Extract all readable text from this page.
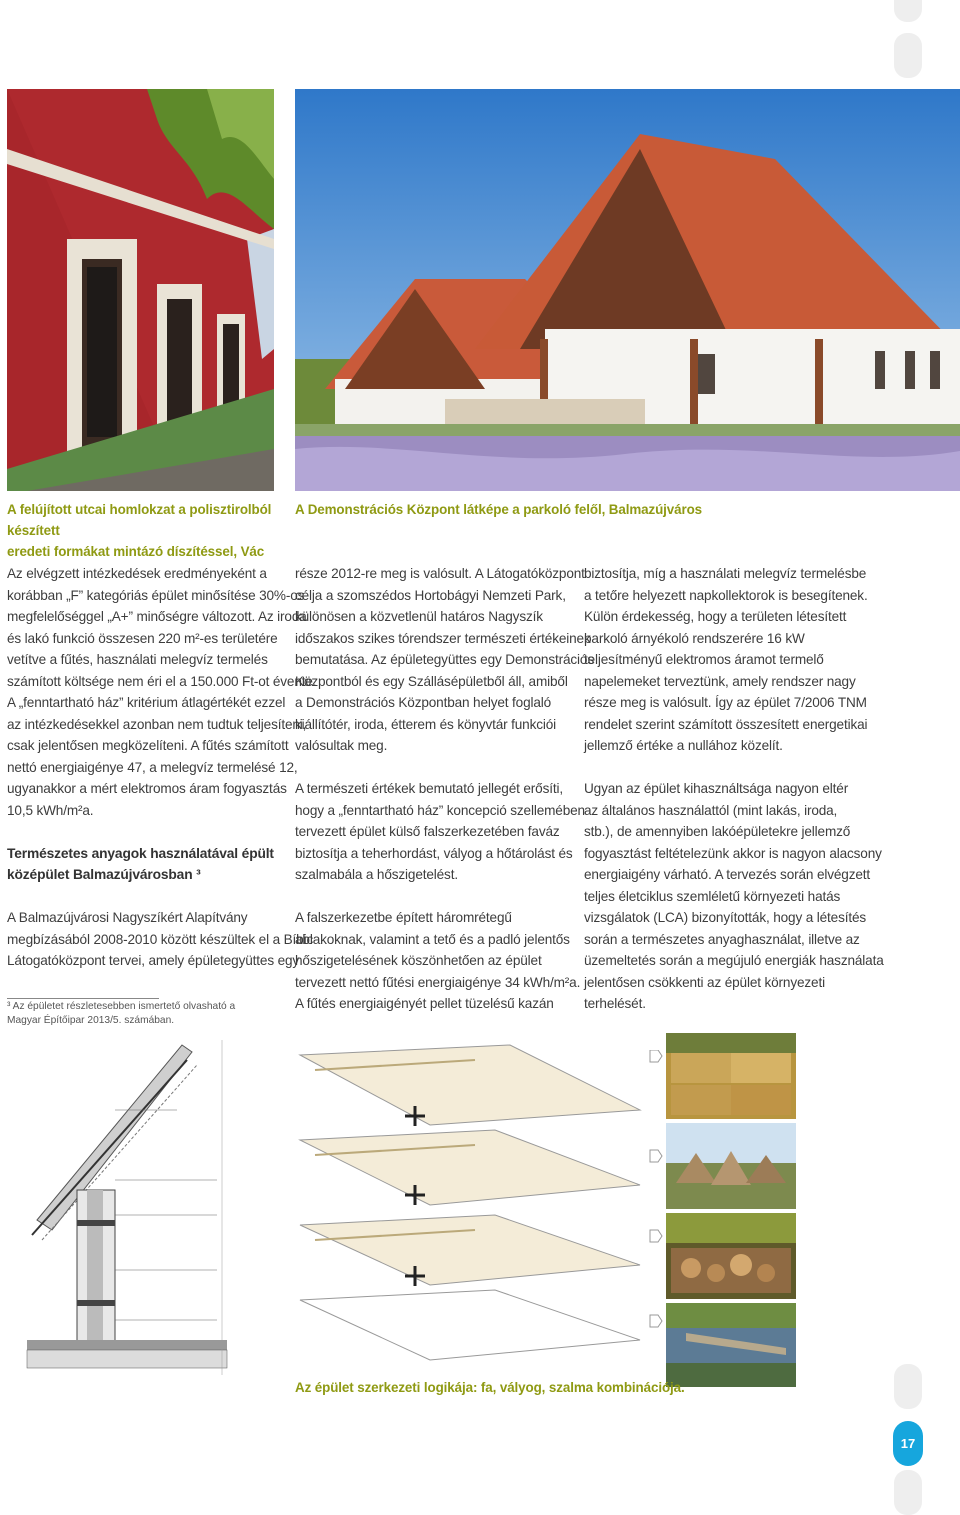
A felújított utcai homlokzat a polisztirolból készített
eredeti formákat mintázó díszítéssel, Vác
A Demonstrációs Központ látképe a parkoló felől, Balmazújváros

Az elvégzett intézkedések eredményeként a
korábban „F” kategóriás épület minősítése 30%-os
megfelelőséggel „A+” minőségre változott. Az iroda
és lakó funkció összesen 220 m²-es területére
vetítve a fűtés, használati melegvíz termelés
számított költsége nem éri el a 150.000 Ft-ot évente.
A „fenntartható ház” kritérium átlagértékét ezzel
az intézkedésekkel azonban nem tudtuk teljesíteni,
csak jelentősen megközelíteni. A fűtés számított
nettó energiaigénye 47, a melegvíz termelésé 12,
ugyanakkor a mért elektromos áram fogyasztás
10,5 kWh/m²a.

Természetes anyagok használatával épült
középület Balmazújvárosban ³

A Balmazújvárosi Nagyszíkért Alapítvány
megbízásából 2008-2010 között készültek el a Bíbic
Látogatóközpont tervei, amely épületegyüttes egy

³ Az épületet részletesebben ismertető olvasható a
Magyar Építőipar 2013/5. számában.

része 2012-re meg is valósult. A Látogatóközpont
célja a szomszédos Hortobágyi Nemzeti Park,
különösen a közvetlenül határos Nagyszík
időszakos szikes tórendszer természeti értékeinek
bemutatása. Az épületegyüttes egy Demonstrációs
Központból és egy Szállásépületből áll, amiből
a Demonstrációs Központban helyet foglaló
kiállítótér, iroda, étterem és könyvtár funkciói
valósultak meg.

A természeti értékek bemutató jellegét erősíti,
hogy a „fenntartható ház” koncepció szellemében
tervezett épület külső falszerkezetében faváz
biztosítja a teherhordást, vályog a hőtárolást és
szalmabála a hőszigetelést.

A falszerkezetbe épített háromrétegű
ablakoknak, valamint a tető és a padló jelentős
hőszigetelésének köszönhetően az épület
tervezett nettó fűtési energiaigénye 34 kWh/m²a.
A fűtés energiaigényét pellet tüzelésű kazán

biztosítja, míg a használati melegvíz termelésbe
a tetőre helyezett napkollektorok is besegítenek.
Külön érdekesség, hogy a területen létesített
parkoló árnyékoló rendszerére 16 kW
teljesítményű elektromos áramot termelő
napelemeket terveztünk, amely rendszer nagy
része meg is valósult. Így az épület 7/2006 TNM
rendelet szerint számított összesített energetikai
jellemző értéke a nullához közelít.

Ugyan az épület kihasználtsága nagyon eltér
az általános használattól (mint lakás, iroda,
stb.), de amennyiben lakóépületekre jellemző
fogyasztást feltételezünk akkor is nagyon alacsony
energiaigény várható. A tervezés során elvégzett
teljes életciklus szemléletű környezeti hatás
vizsgálatok (LCA) bizonyították, hogy a létesítés
során a természetes anyaghasználat, illetve az
üzemeltetés során a megújuló energiák használata
jelentősen csökkenti az épület környezeti
terhelését.

Az épület szerkezeti logikája: fa, vályog, szalma kombinációja.
17
